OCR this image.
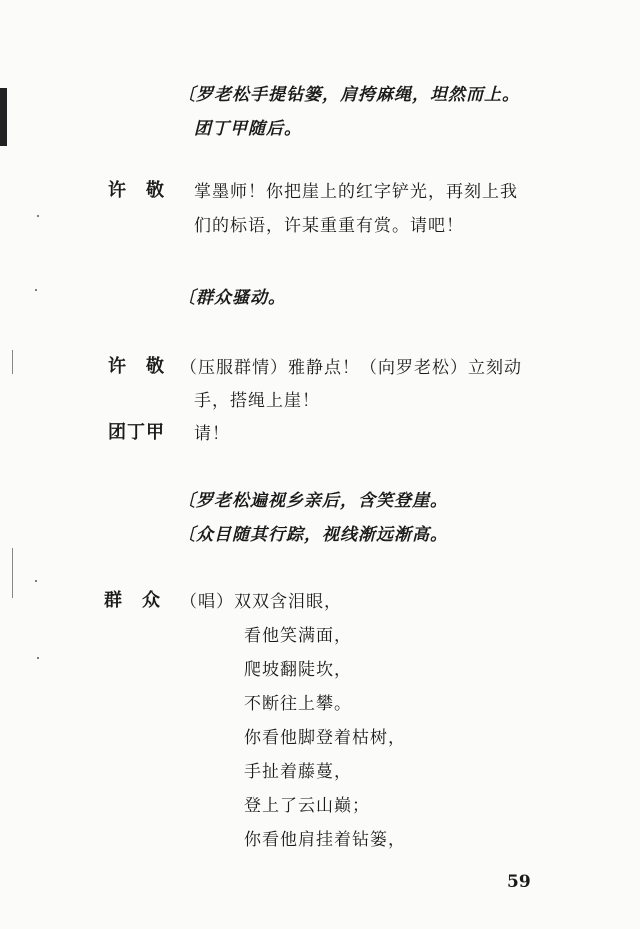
〔罗老松手提钻篓，肩挎麻绳，坦然而上。
团丁甲随后。
许　敬 掌墨师！你把崖上的红字铲光，再刻上我
们的标语，许某重重有赏。请吧！
〔群众骚动。
许　敬 （压服群情）雅静点！（向罗老松）立刻动
手，搭绳上崖！
团丁甲 请！
〔罗老松遍视乡亲后，含笑登崖。
〔众目随其行踪，视线渐远渐高。
群　众 （唱）双双含泪眼，
看他笑满面，
爬坡翻陡坎，
不断往上攀。
你看他脚登着枯树，
手扯着藤蔓，
登上了云山巅；
你看他肩挂着钻篓，
59
